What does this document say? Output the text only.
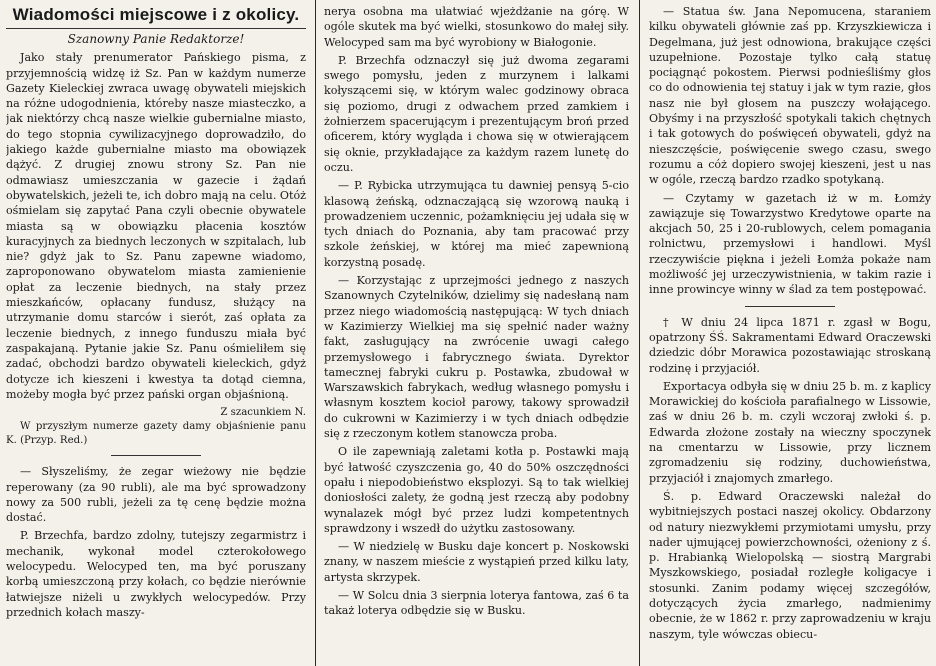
Wiadomości miejscowe i z okolicy.
Szanowny Panie Redaktorze!

Jako stały prenumerator Pańskiego pisma, z przyjemnością widzę iż Sz. Pan w każdym numerze Gazety Kieleckiej zwraca uwagę obywateli miejskich na różne udogodnienia, któreby nasze miasteczko, a jak niektórzy chcą nasze wielkie gubernialne miasto, do tego stopnia cywilizacyjnego doprowadziło, do jakiego każde gubernialne miasto ma obowiązek dążyć. Z drugiej znowu strony Sz. Pan nie odmawiasz umieszczania w gazecie i żądań obywatelskich, jeżeli te, ich dobro mają na celu. Otóż ośmielam się zapytać Pana czyli obecnie obywatele miasta są w obowiązku płacenia kosztów kuracyjnych za biednych leczonych w szpitalach, lub nie? gdyż jak to Sz. Panu zapewne wiadomo, zaproponowano obywatelom miasta zamienienie opłat za leczenie biednych, na stały przez mieszkańców, opłacany fundusz, służący na utrzymanie domu starców i sierót, zaś opłata za leczenie biednych, z innego funduszu miała być zaspakajaną. Pytanie jakie Sz. Panu ośmieliłem się zadać, obchodzi bardzo obywateli kieleckich, gdyż dotycze ich kieszeni i kwestya ta dotąd ciemna, możeby mogła być przez pański organ objaśnioną.

Z szacunkiem N.

W przyszłym numerze gazety damy objaśnienie panu K. (Przyp. Red.)

— Słyszeliśmy, że zegar wieżowy nie będzie reperowany (za 90 rubli), ale ma być sprowadzony nowy za 500 rubli, jeżeli za tę cenę będzie można dostać.

P. Brzechfa, bardzo zdolny, tutejszy zegarmistrz i mechanik, wykonał model czterokołowego welocypedu. Welocyped ten, ma być poruszany korbą umieszczoną przy kołach, co będzie nierównie łatwiejsze niżeli u zwykłych welocypedów. Przy przednich kołach maszy-

nerya osobna ma ułatwiać wjeżdżanie na górę. W ogóle skutek ma być wielki, stosunkowo do małej siły. Welocyped sam ma być wyrobiony w Białogonie.

P. Brzechfa odznaczył się już dwoma zegarami swego pomysłu, jeden z murzynem i lalkami kołyszącemi się, w którym walec godzinowy obraca się poziomo, drugi z odwachem przed zamkiem i żołnierzem spacerującym i prezentującym broń przed oficerem, który wygląda i chowa się w otwierającem się oknie, przykładające za każdym razem lunetę do oczu.

— P. Rybicka utrzymująca tu dawniej pensyą 5-cio klasową żeńską, odznaczającą się wzorową nauką i prowadzeniem uczennic, pożamknięciu jej udała się w tych dniach do Poznania, aby tam pracować przy szkole żeńskiej, w której ma mieć zapewnioną korzystną posadę.

— Korzystając z uprzejmości jednego z naszych Szanownych Czytelników, dzielimy się nadesłaną nam przez niego wiadomością następującą: W tych dniach w Kazimierzy Wielkiej ma się spełnić nader ważny fakt, zasługujący na zwrócenie uwagi całego przemysłowego i fabrycznego świata. Dyrektor tamecznej fabryki cukru p. Postawka, zbudował w Warszawskich fabrykach, według własnego pomysłu i własnym kosztem kocioł parowy, takowy sprowadził do cukrowni w Kazimierzy i w tych dniach odbędzie się z rzeczonym kotłem stanowcza proba.

O ile zapewniają zaletami kotła p. Postawki mają być łatwość czyszczenia go, 40 do 50% oszczędności opału i niepodobieństwo eksplozyi. Są to tak wielkiej doniosłości zalety, że godną jest rzeczą aby podobny wynalazek mógł być przez ludzi kompetentnych sprawdzony i wszedł do użytku zastosowany.

— W niedzielę w Busku daje koncert p. Noskowski znany, w naszem mieście z wystąpień przed kilku laty, artysta skrzypek.

— W Solcu dnia 3 sierpnia loterya fantowa, zaś 6 ta takaż loterya odbędzie się w Busku.

— Statua św. Jana Nepomucena, staraniem kilku obywateli głównie zaś pp. Krzyszkiewicza i Degelmana, już jest odnowiona, brakujące części uzupełnione. Pozostaje tylko całą statuę pociągnąć pokostem. Pierwsi podnieśliśmy głos co do odnowienia tej statuy i jak w tym razie, głos nasz nie był głosem na puszczy wołającego. Obyśmy i na przyszłość spotykali takich chętnych i tak gotowych do poświęceń obywateli, gdyż na nieszczęście, poświęcenie swego czasu, swego rozumu a cóż dopiero swojej kieszeni, jest u nas w ogóle, rzeczą bardzo rzadko spotykaną.

— Czytamy w gazetach iż w m. Łomży zawiązuje się Towarzystwo Kredytowe oparte na akcjach 50, 25 i 20-rublowych, celem pomagania rolnictwu, przemysłowi i handlowi. Myśl rzeczywiście piękna i jeżeli Łomża pokaże nam możliwość jej urzeczywistnienia, w takim razie i inne prowincye winny w ślad za tem postępować.

† W dniu 24 lipca 1871 r. zgasł w Bogu, opatrzony ŚŚ. Sakramentami Edward Oraczewski dziedzic dóbr Morawica pozostawiając stroskaną rodzinę i przyjaciół.

Exportacya odbyła się w dniu 25 b. m. z kaplicy Morawickiej do kościoła parafialnego w Lissowie, zaś w dniu 26 b. m. czyli wczoraj zwłoki ś. p. Edwarda złożone zostały na wieczny spoczynek na cmentarzu w Lissowie, przy licznem zgromadzeniu się rodziny, duchowieństwa, przyjaciół i znajomych zmarłego.

Ś. p. Edward Oraczewski należał do wybitniejszych postaci naszej okolicy. Obdarzony od natury niezwykłemi przymiotami umysłu, przy nader ujmującej powierzchowności, ożeniony z ś. p. Hrabianką Wielopolską — siostrą Margrabi Myszkowskiego, posiadał rozległe koligacye i stosunki. Zanim podamy więcej szczegółów, dotyczących życia zmarłego, nadmienimy obecnie, że w 1862 r. przy zaprowadzeniu w kraju naszym, tyle wówczas obiecu-
